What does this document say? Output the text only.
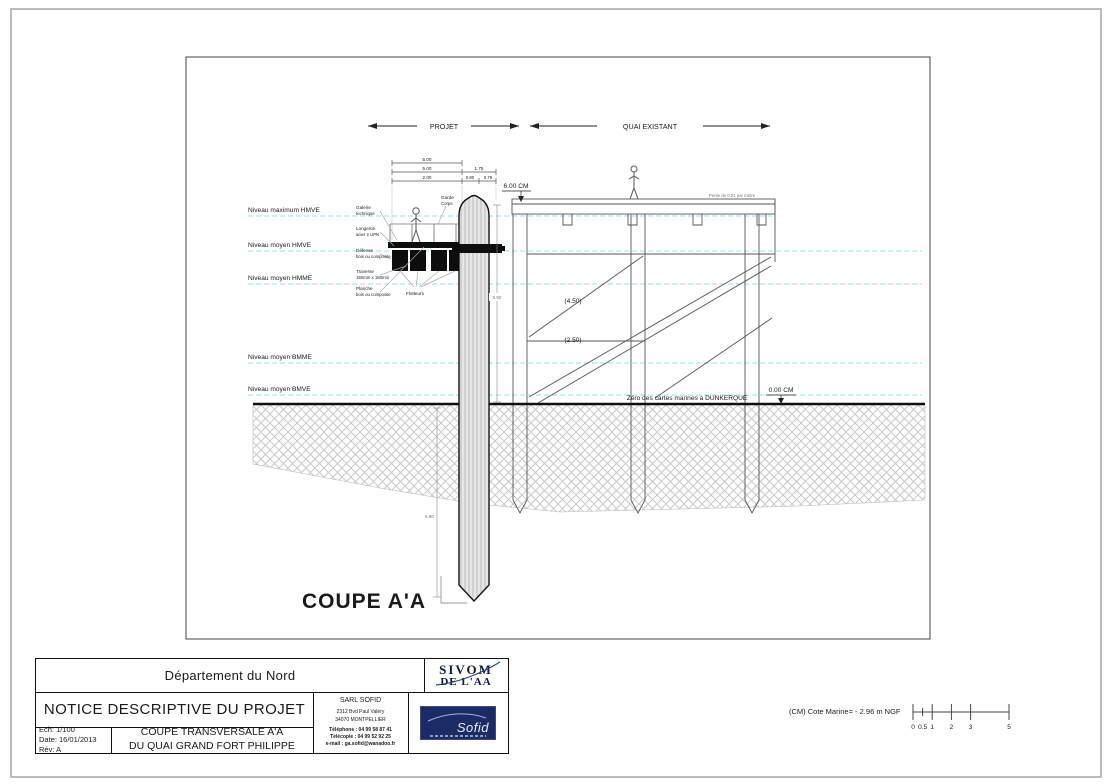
PROJET	QUAI EXISTANT
Niveau maximum HMVE
Niveau moyen HMVE
Niveau moyen HMME
Niveau moyen BMME
Niveau moyen BMVE
(4.50)
(2.50)
Pente de 0.01 par mètre
Zéro des cartes marines à DUNKERQUE
0.00 CM
6.00 CM
5.00
5.00
2.00
1.75
0.80 0.79
5.80
5.50
Galerie
technique
Longeron
acier 2 UPN
Défense
bois ou composite
Traverse
150mm x 150mm
Planche
bois ou composite	Flotteurs
Garde
Corps
COUPE A'A
Département du Nord	SIVOM
DE L'AA
NOTICE DESCRIPTIVE DU PROJET
Ech: 1/100
Date: 16/01/2013
Rév: A
COUPE TRANSVERSALE A'A
DU QUAI GRAND FORT PHILIPPE
SARL SOFID
2312 Bvd Paul Valéry
34070 MONTPELLIER
Téléphone : 04 99 58 87 41
Télécopie : 04 99 52 92 25
e-mail : ga.sofid@wanadoo.fr
Sofid
(CM) Cote Marine= - 2.96 m NGF
0 0.5 1 2 3	5
